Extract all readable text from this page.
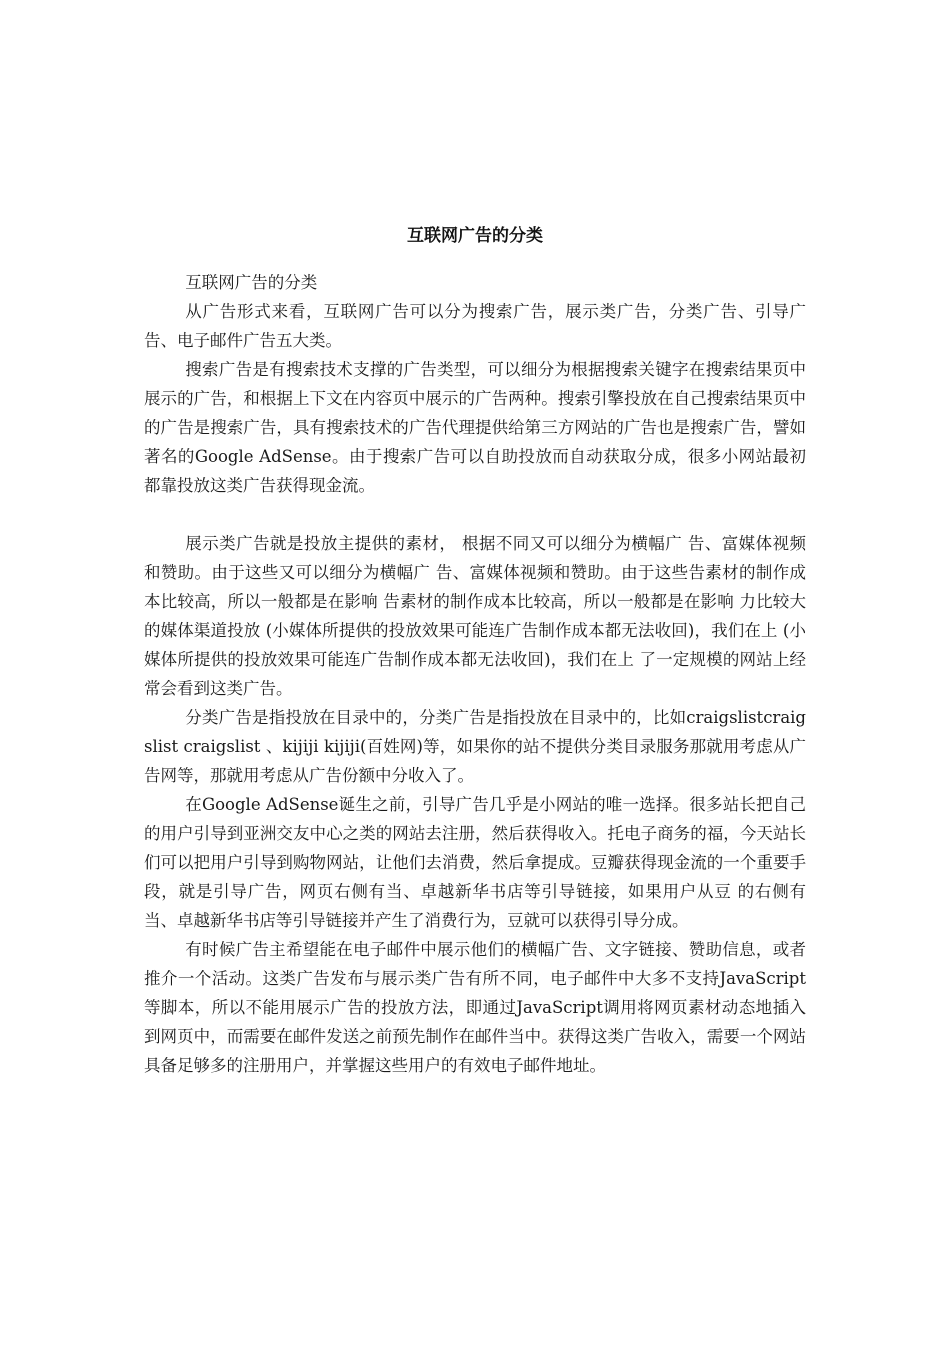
互联网广告的分类

互联网广告的分类

从广告形式来看，互联网广告可以分为搜索广告，展示类广告，分类广告、引导广告、电子邮件广告五大类。

搜索广告是有搜索技术支撑的广告类型，可以细分为根据搜索关键字在搜索结果页中展示的广告，和根据上下文在内容页中展示的广告两种。搜索引擎投放在自己搜索结果页中的广告是搜索广告，具有搜索技术的广告代理提供给第三方网站的广告也是搜索广告，譬如著名的Google AdSense。由于搜索广告可以自助投放而自动获取分成，很多小网站最初都靠投放这类广告获得现金流。

展示类广告就是投放主提供的素材， 根据不同又可以细分为横幅广 告、富媒体视频和赞助。由于这些又可以细分为横幅广 告、富媒体视频和赞助。由于这些告素材的制作成本比较高，所以一般都是在影响 告素材的制作成本比较高，所以一般都是在影响 力比较大的媒体渠道投放 (小媒体所提供的投放效果可能连广告制作成本都无法收回)，我们在上 (小媒体所提供的投放效果可能连广告制作成本都无法收回)，我们在上 了一定规模的网站上经常会看到这类广告。

分类广告是指投放在目录中的，分类广告是指投放在目录中的，比如craigslistcraigslist craigslist 、kijiji kijiji(百姓网)等，如果你的站不提供分类目录服务那就用考虑从广告网等，那就用考虑从广告份额中分收入了。

在Google AdSense诞生之前，引导广告几乎是小网站的唯一选择。很多站长把自己的用户引导到亚洲交友中心之类的网站去注册，然后获得收入。托电子商务的福，今天站长们可以把用户引导到购物网站，让他们去消费，然后拿提成。豆瓣获得现金流的一个重要手段，就是引导广告，网页右侧有当、卓越新华书店等引导链接，如果用户从豆 的右侧有当、卓越新华书店等引导链接并产生了消费行为，豆就可以获得引导分成。

有时候广告主希望能在电子邮件中展示他们的横幅广告、文字链接、赞助信息，或者推介一个活动。这类广告发布与展示类广告有所不同，电子邮件中大多不支持JavaScript等脚本，所以不能用展示广告的投放方法，即通过JavaScript调用将网页素材动态地插入到网页中，而需要在邮件发送之前预先制作在邮件当中。获得这类广告收入，需要一个网站具备足够多的注册用户，并掌握这些用户的有效电子邮件地址。
